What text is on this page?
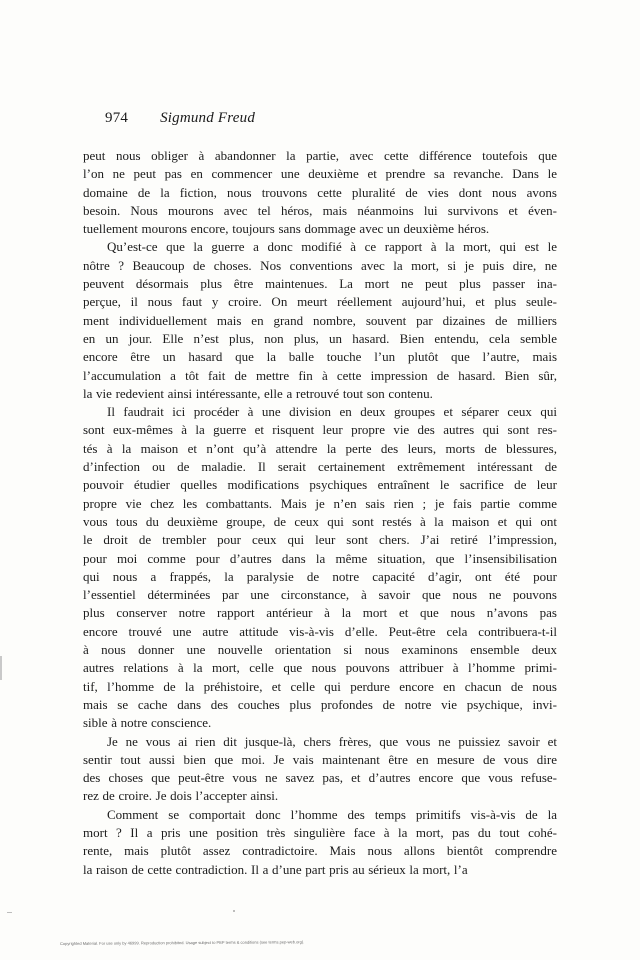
974 Sigmund Freud
peut nous obliger à abandonner la partie, avec cette différence toutefois que
l’on ne peut pas en commencer une deuxième et prendre sa revanche. Dans le
domaine de la fiction, nous trouvons cette pluralité de vies dont nous avons
besoin. Nous mourons avec tel héros, mais néanmoins lui survivons et éven-
tuellement mourons encore, toujours sans dommage avec un deuxième héros.
Qu’est-ce que la guerre a donc modifié à ce rapport à la mort, qui est le
nôtre ? Beaucoup de choses. Nos conventions avec la mort, si je puis dire, ne
peuvent désormais plus être maintenues. La mort ne peut plus passer ina-
perçue, il nous faut y croire. On meurt réellement aujourd’hui, et plus seule-
ment individuellement mais en grand nombre, souvent par dizaines de milliers
en un jour. Elle n’est plus, non plus, un hasard. Bien entendu, cela semble
encore être un hasard que la balle touche l’un plutôt que l’autre, mais
l’accumulation a tôt fait de mettre fin à cette impression de hasard. Bien sûr,
la vie redevient ainsi intéressante, elle a retrouvé tout son contenu.
Il faudrait ici procéder à une division en deux groupes et séparer ceux qui
sont eux-mêmes à la guerre et risquent leur propre vie des autres qui sont res-
tés à la maison et n’ont qu’à attendre la perte des leurs, morts de blessures,
d’infection ou de maladie. Il serait certainement extrêmement intéressant de
pouvoir étudier quelles modifications psychiques entraînent le sacrifice de leur
propre vie chez les combattants. Mais je n’en sais rien ; je fais partie comme
vous tous du deuxième groupe, de ceux qui sont restés à la maison et qui ont
le droit de trembler pour ceux qui leur sont chers. J’ai retiré l’impression,
pour moi comme pour d’autres dans la même situation, que l’insensibilisation
qui nous a frappés, la paralysie de notre capacité d’agir, ont été pour
l’essentiel déterminées par une circonstance, à savoir que nous ne pouvons
plus conserver notre rapport antérieur à la mort et que nous n’avons pas
encore trouvé une autre attitude vis-à-vis d’elle. Peut-être cela contribuera-t-il
à nous donner une nouvelle orientation si nous examinons ensemble deux
autres relations à la mort, celle que nous pouvons attribuer à l’homme primi-
tif, l’homme de la préhistoire, et celle qui perdure encore en chacun de nous
mais se cache dans des couches plus profondes de notre vie psychique, invi-
sible à notre conscience.
Je ne vous ai rien dit jusque-là, chers frères, que vous ne puissiez savoir et
sentir tout aussi bien que moi. Je vais maintenant être en mesure de vous dire
des choses que peut-être vous ne savez pas, et d’autres encore que vous refuse-
rez de croire. Je dois l’accepter ainsi.
Comment se comportait donc l’homme des temps primitifs vis-à-vis de la
mort ? Il a pris une position très singulière face à la mort, pas du tout cohé-
rente, mais plutôt assez contradictoire. Mais nous allons bientôt comprendre
la raison de cette contradiction. Il a d’une part pris au sérieux la mort, l’a
Copyrighted Material. For use only by 46999. Reproduction prohibited. Usage subject to PEP terms & conditions (see terms.pep-web.org).
